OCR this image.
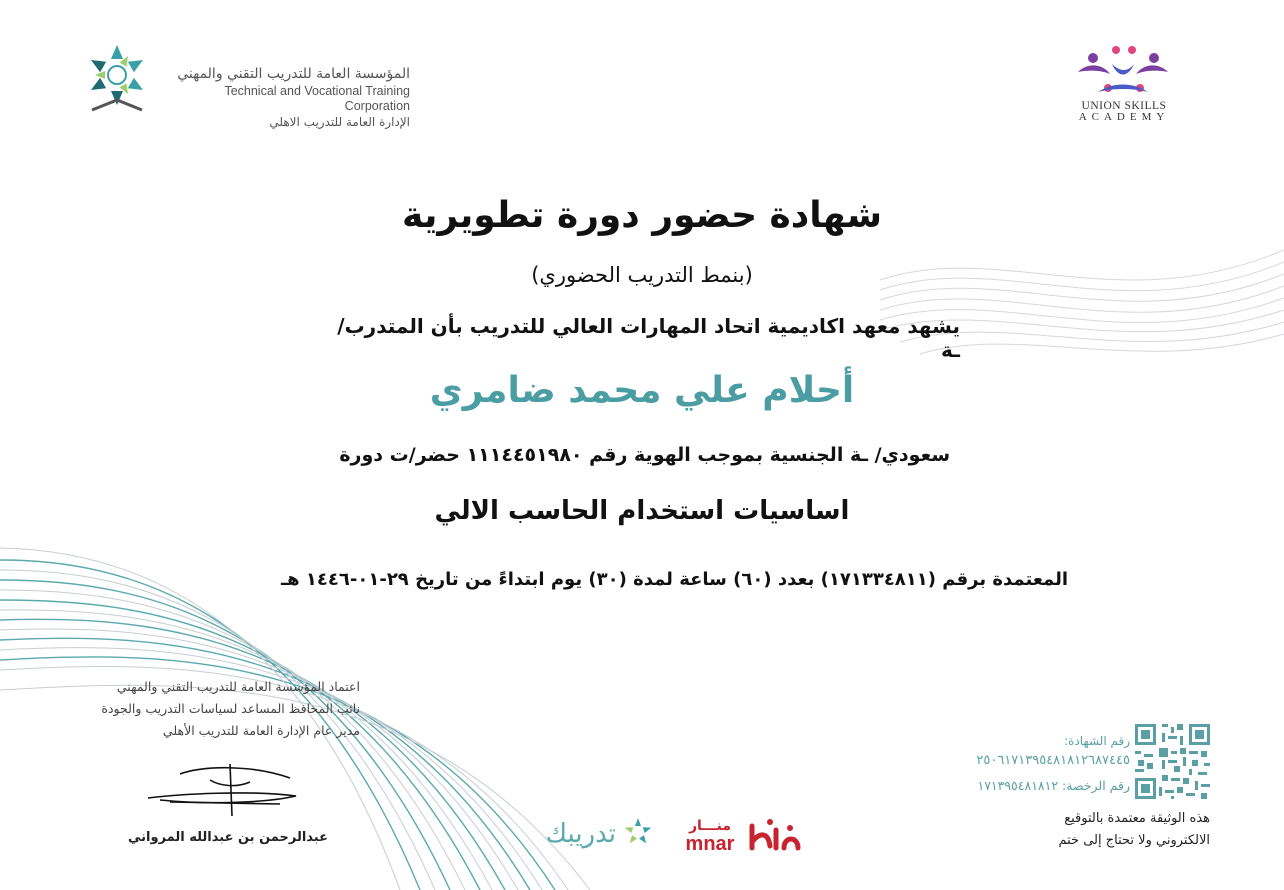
المؤسسة العامة للتدريب التقني والمهني
Technical and Vocational Training Corporation
الإدارة العامة للتدريب الاهلي
UNION SKILLS
ACADEMY
شهادة حضور دورة تطويرية
(بنمط التدريب الحضوري)
يشهد معهد اكاديمية اتحاد المهارات العالي للتدريب بأن المتدرب/ ـة
أحلام علي محمد ضامري
سعودي/ ـة الجنسية بموجب الهوية رقم ١١١٤٤٥١٩٨٠ حضر/ت دورة
اساسيات استخدام الحاسب الالي
المعتمدة برقم (١٧١٣٣٤٨١١) بعدد (٦٠) ساعة لمدة (٣٠) يوم ابتداءً من تاريخ ٢٩-٠١-١٤٤٦ هـ
اعتماد المؤسسة العامة للتدريب التقني والمهني
نائب المحافظ المساعد لسياسات التدريب والجودة
مدير عام الإدارة العامة للتدريب الأهلي
عبدالرحمن بن عبدالله المرواني	تدريبك	منـــار
mnar
رقم الشهادة:
٢٥٠٦١٧١٣٩٥٤٨١٨١٢٦٨٧٤٤٥
رقم الرخصة: ١٧١٣٩٥٤٨١٨١٢
هذه الوثيقة معتمدة بالتوقيع
الالكتروني ولا تحتاج إلى ختم
